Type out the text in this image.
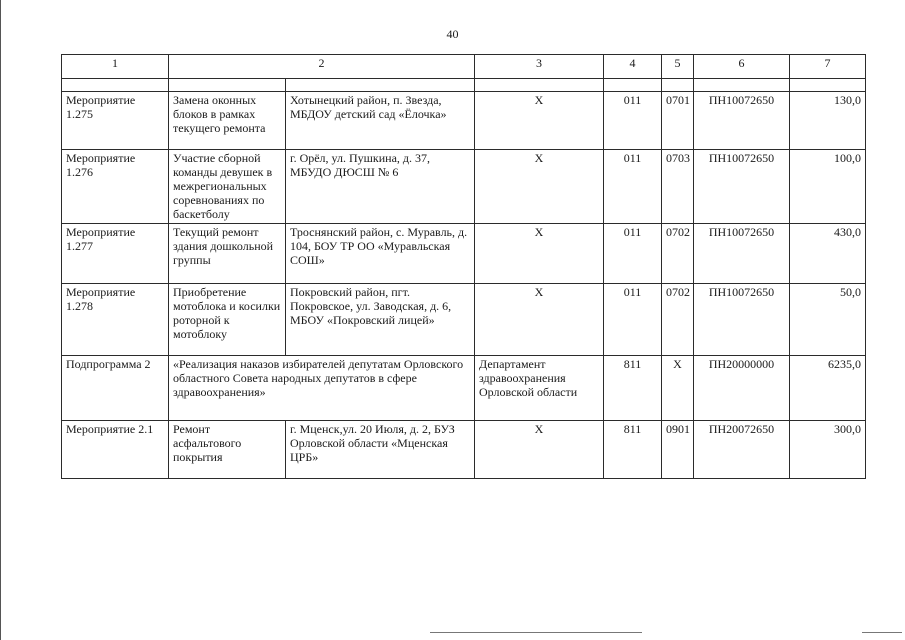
40
1	2		3	4	5	6	7

Мероприятие 1.275	Замена оконных блоков в рамках текущего ремонта	Хотынецкий район, п. Звезда, МБДОУ детский сад «Ёлочка»	Х	011	0701	ПН10072650	130,0
Мероприятие 1.276	Участие сборной команды девушек в межрегиональных соревнованиях по баскетболу	г. Орёл, ул. Пушкина, д. 37, МБУДО ДЮСШ № 6	Х	011	0703	ПН10072650	100,0
Мероприятие 1.277	Текущий ремонт здания дошкольной группы	Троснянский район, с. Муравль, д. 104, БОУ ТР ОО «Муравльская СОШ»	Х	011	0702	ПН10072650	430,0
Мероприятие 1.278	Приобретение мотоблока и косилки роторной к мотоблоку	Покровский район, пгт. Покровское, ул. Заводская, д. 6, МБОУ «Покровский лицей»	Х	011	0702	ПН10072650	50,0
Подпрограмма 2	«Реализация наказов избирателей депутатам Орловского областного Совета народных депутатов в сфере здравоохранения»		Департамент здравоохранения Орловской области	811	Х	ПН20000000	6235,0
Мероприятие 2.1	Ремонт асфальтового покрытия	г. Мценск,ул. 20 Июля, д. 2, БУЗ Орловской области «Мценская ЦРБ»	Х	811	0901	ПН20072650	300,0
